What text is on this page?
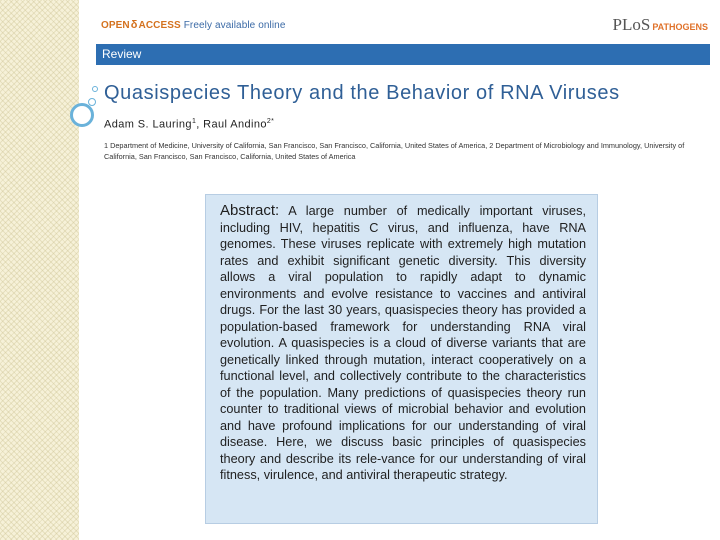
OPENδACCESS Freely available online	PLoS PATHOGENS
Review
Quasispecies Theory and the Behavior of RNA Viruses
Adam S. Lauring$^1$, Raul Andino$^{2*}$
1 Department of Medicine, University of California, San Francisco, San Francisco, California, United States of America, 2 Department of Microbiology and Immunology, University of California, San Francisco, San Francisco, California, United States of America

Abstract: A large number of medically important viruses, including HIV, hepatitis C virus, and influenza, have RNA genomes. These viruses replicate with extremely high mutation rates and exhibit significant genetic diversity. This diversity allows a viral population to rapidly adapt to dynamic environments and evolve resistance to vaccines and antiviral drugs. For the last 30 years, quasispecies theory has provided a population-based framework for understanding RNA viral evolution. A quasispecies is a cloud of diverse variants that are genetically linked through mutation, interact cooperatively on a functional level, and collectively contribute to the characteristics of the population. Many predictions of quasispecies theory run counter to traditional views of microbial behavior and evolution and have profound implications for our understanding of viral disease. Here, we discuss basic principles of quasispecies theory and describe its rele-vance for our understanding of viral fitness, virulence, and antiviral therapeutic strategy.
